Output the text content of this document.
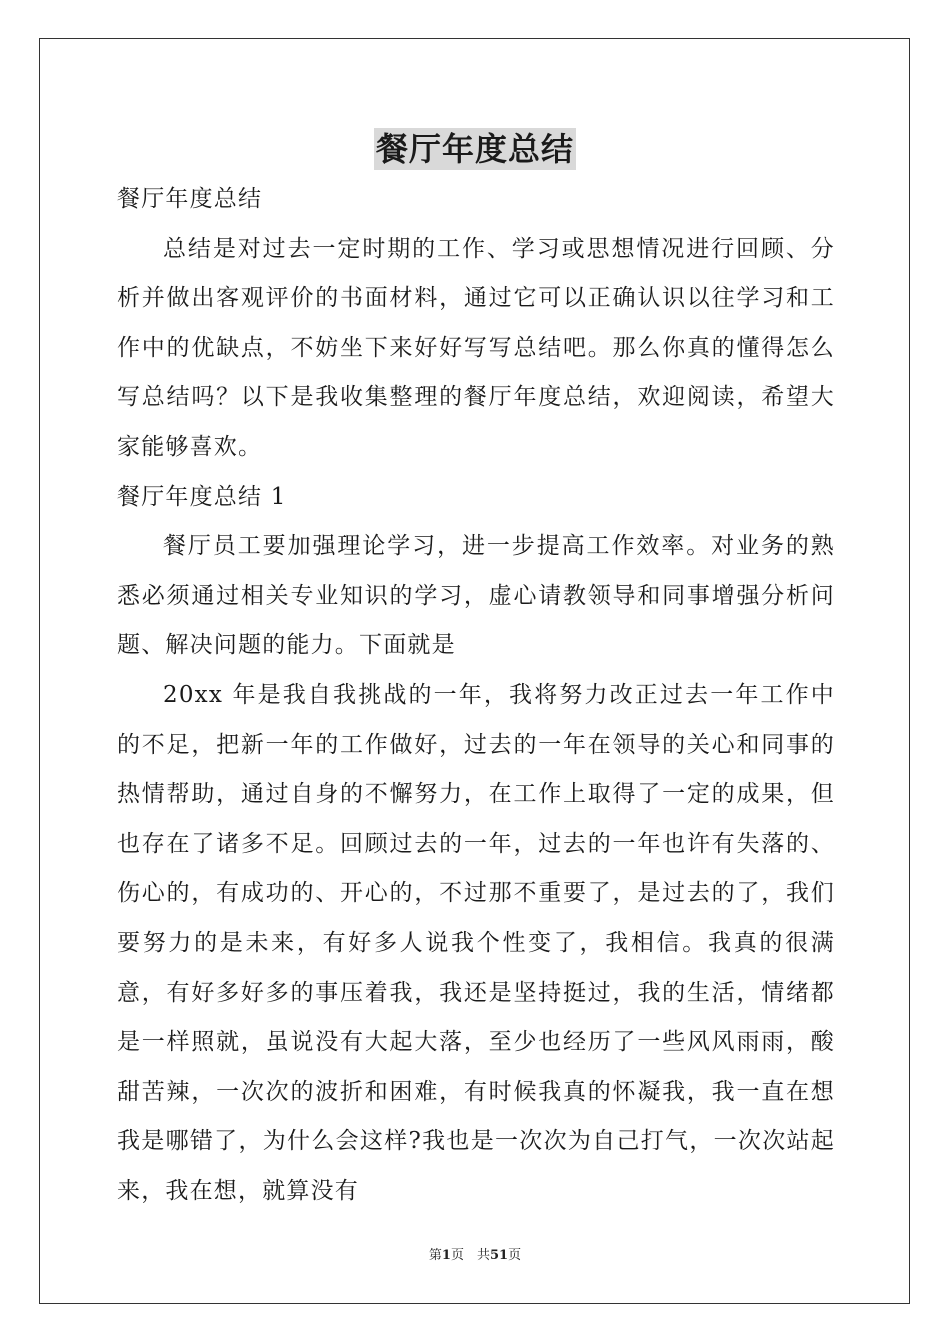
餐厅年度总结

餐厅年度总结

总结是对过去一定时期的工作、学习或思想情况进行回顾、分析并做出客观评价的书面材料，通过它可以正确认识以往学习和工作中的优缺点，不妨坐下来好好写写总结吧。那么你真的懂得怎么写总结吗？以下是我收集整理的餐厅年度总结，欢迎阅读，希望大家能够喜欢。

餐厅年度总结 1

餐厅员工要加强理论学习，进一步提高工作效率。对业务的熟悉必须通过相关专业知识的学习，虚心请教领导和同事增强分析问题、解决问题的能力。下面就是

20xx 年是我自我挑战的一年，我将努力改正过去一年工作中的不足，把新一年的工作做好，过去的一年在领导的关心和同事的热情帮助，通过自身的不懈努力，在工作上取得了一定的成果，但也存在了诸多不足。回顾过去的一年，过去的一年也许有失落的、伤心的，有成功的、开心的，不过那不重要了，是过去的了，我们要努力的是未来，有好多人说我个性变了，我相信。我真的很满意，有好多好多的事压着我，我还是坚持挺过，我的生活，情绪都是一样照就，虽说没有大起大落，至少也经历了一些风风雨雨，酸甜苦辣，一次次的波折和困难，有时候我真的怀凝我，我一直在想我是哪错了，为什么会这样?我也是一次次为自己打气，一次次站起来，我在想，就算没有

第1页　共51页
